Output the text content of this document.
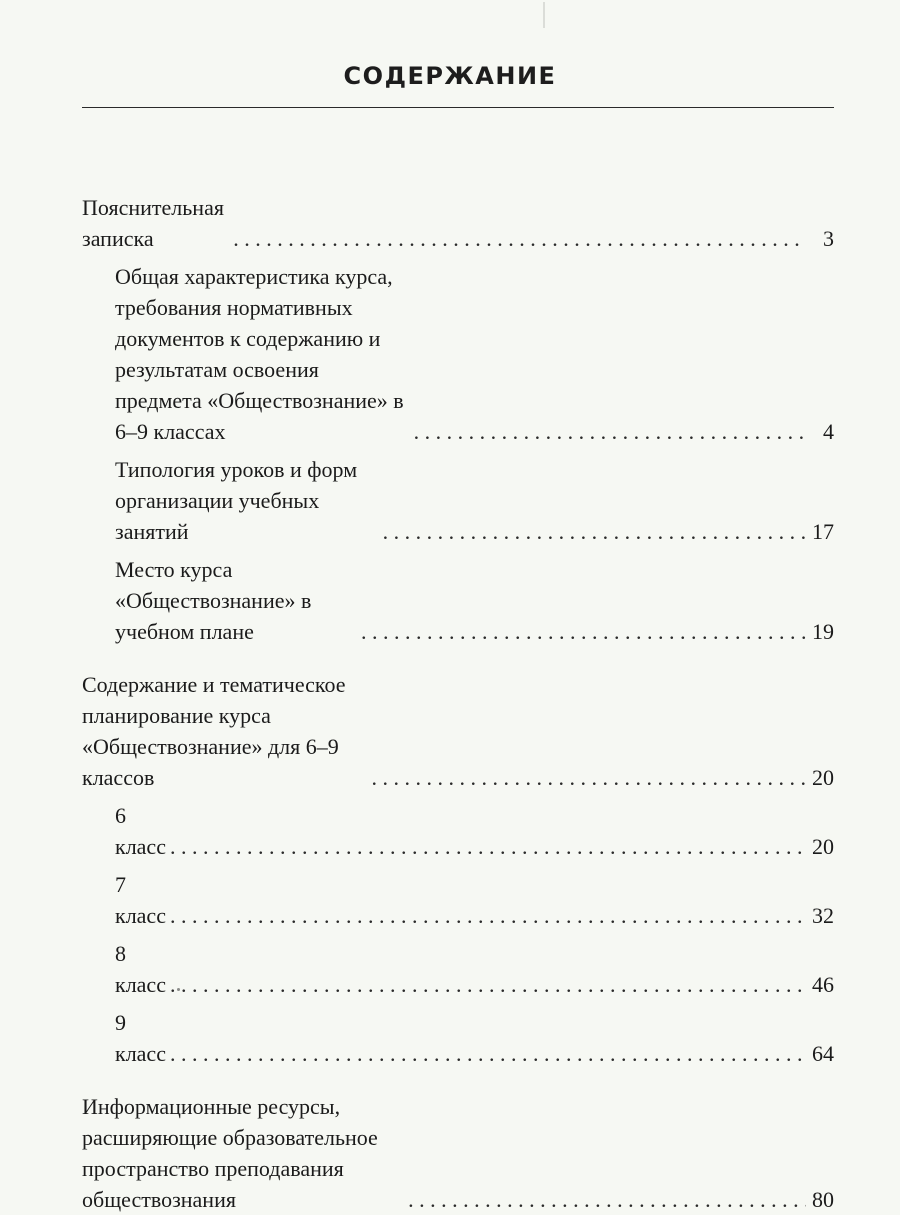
СОДЕРЖАНИЕ
Пояснительная записка . . .	3
Общая характеристика курса, требования нормативных документов к содержанию и результатам освоения предмета «Обществознание» в 6–9 классах . . .	4
Типология уроков и форм организации учебных занятий . . .	17
Место курса «Обществознание» в учебном плане . . .	19
Содержание и тематическое планирование курса «Обществознание» для 6–9 классов . . .	20
6 класс . . .	20
7 класс . . .	32
8 класс . . .	46
9 класс . . .	64
Информационные ресурсы, расширяющие образовательное пространство преподавания обществознания . . .	80
